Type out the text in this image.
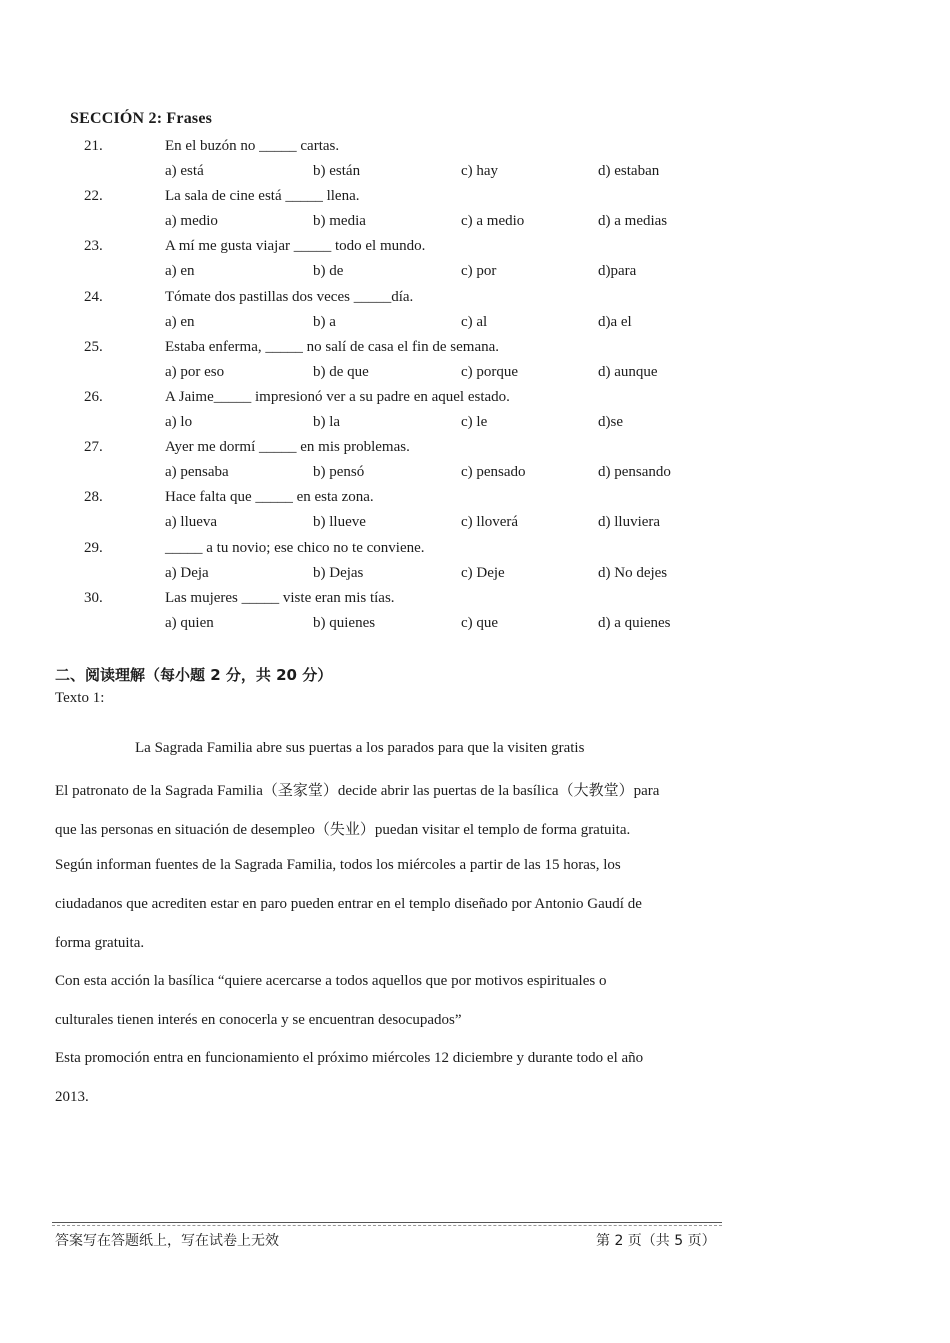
SECCIÓN 2: Frases
21.	En el buzón no _____ cartas.
a) está	b) están	c) hay	d) estaban
22.	La sala de cine está _____ llena.
a) medio	b) media	c) a medio	d) a medias
23.	A mí me gusta viajar _____ todo el mundo.
a) en	b) de	c) por	d)para
24.	Tómate dos pastillas dos veces _____día.
a) en	b) a	c) al	d)a el
25.	Estaba enferma, _____ no salí de casa el fin de semana.
a) por eso	b) de que	c) porque	d) aunque
26.	A Jaime_____ impresionó ver a su padre en aquel estado.
a) lo	b) la	c) le	d)se
27.	Ayer me dormí _____ en mis problemas.
a) pensaba	b) pensó	c) pensado	d) pensando
28.	Hace falta que _____ en esta zona.
a) llueva	b) llueve	c) lloverá	d) lluviera
29.	_____ a tu novio; ese chico no te conviene.
a) Deja	b) Dejas	c) Deje	d) No dejes
30.	Las mujeres _____ viste eran mis tías.
a) quien	b) quienes	c) que	d) a quienes
二、阅读理解（每小题 2 分，共 20 分）
Texto 1:
La Sagrada Familia abre sus puertas a los parados para que la visiten gratis
El patronato de la Sagrada Familia（圣家堂）decide abrir las puertas de la basílica（大教堂）para
que las personas en situación de desempleo（失业）puedan visitar el templo de forma gratuita.
Según informan fuentes de la Sagrada Familia, todos los miércoles a partir de las 15 horas, los
ciudadanos que acrediten estar en paro pueden entrar en el templo diseñado por Antonio Gaudí de
forma gratuita.
Con esta acción la basílica “quiere acercarse a todos aquellos que por motivos espirituales o
culturales tienen interés en conocerla y se encuentran desocupados”
Esta promoción entra en funcionamiento el próximo miércoles 12 diciembre y durante todo el año
2013.
答案写在答题纸上，写在试卷上无效	第 2 页（共 5 页）
